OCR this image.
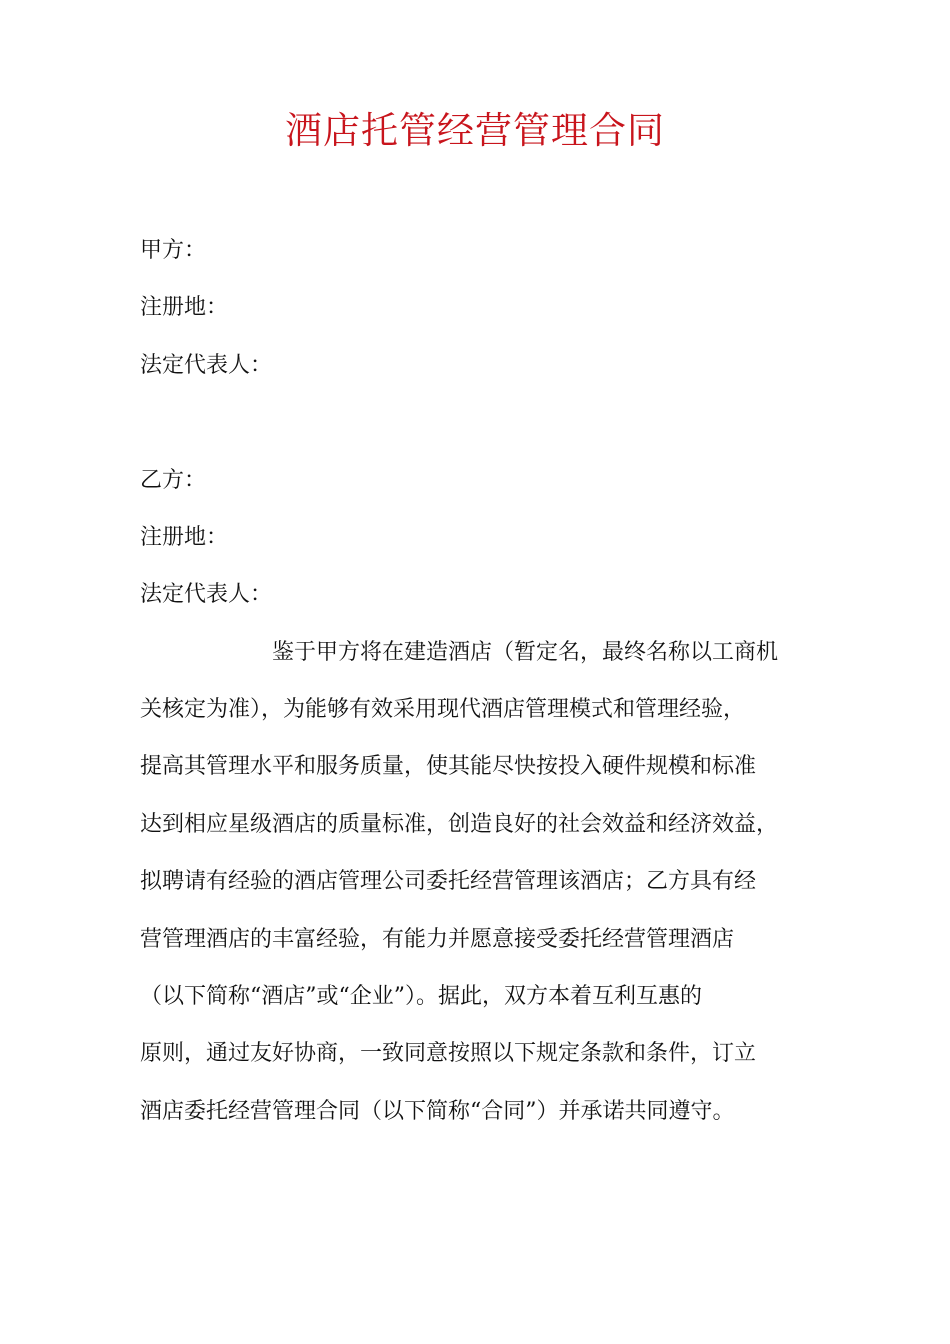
酒店托管经营管理合同
甲方：
注册地：
法定代表人：
乙方：
注册地：
法定代表人：
鉴于甲方将在建造酒店（暂定名，最终名称以工商机
关核定为准），为能够有效采用现代酒店管理模式和管理经验，
提高其管理水平和服务质量，使其能尽快按投入硬件规模和标准
达到相应星级酒店的质量标准，创造良好的社会效益和经济效益，
拟聘请有经验的酒店管理公司委托经营管理该酒店；乙方具有经
营管理酒店的丰富经验，有能力并愿意接受委托经营管理酒店
（以下简称“酒店”或“企业”）。据此，双方本着互利互惠的
原则，通过友好协商，一致同意按照以下规定条款和条件，订立
酒店委托经营管理合同（以下简称“合同”）并承诺共同遵守。
